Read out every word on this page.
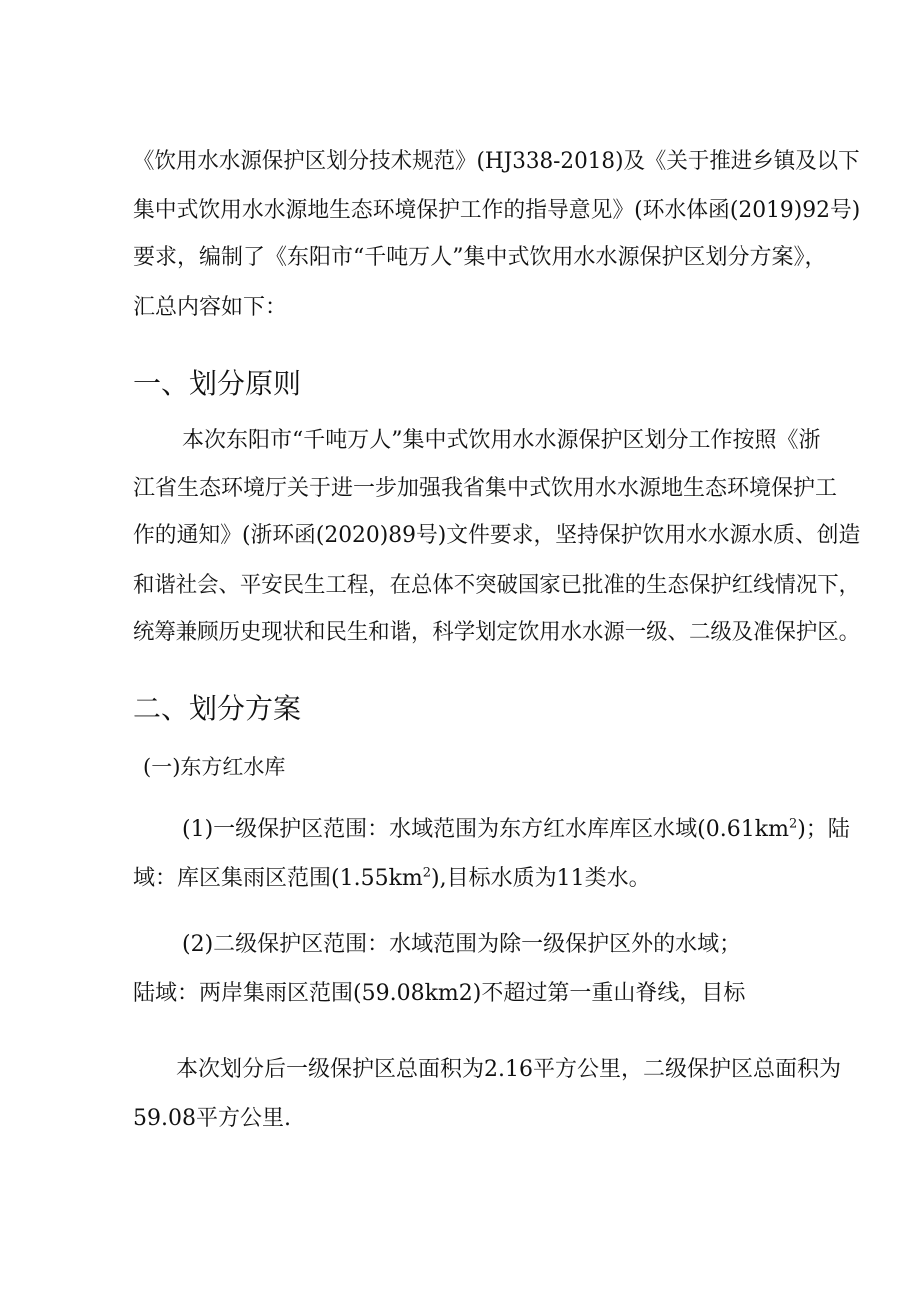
《饮用水水源保护区划分技术规范》(HJ338-2018)及《关于推进乡镇及以下
集中式饮用水水源地生态环境保护工作的指导意见》(环水体函(2019)92号)
要求，编制了《东阳市“千吨万人”集中式饮用水水源保护区划分方案》，
汇总内容如下：
一、划分原则
本次东阳市“千吨万人”集中式饮用水水源保护区划分工作按照《浙
江省生态环境厅关于进一步加强我省集中式饮用水水源地生态环境保护工
作的通知》(浙环函(2020)89号)文件要求，坚持保护饮用水水源水质、创造
和谐社会、平安民生工程，在总体不突破国家已批准的生态保护红线情况下，
统筹兼顾历史现状和民生和谐，科学划定饮用水水源一级、二级及准保护区。
二、划分方案
(一)东方红水库
(1)一级保护区范围：水域范围为东方红水库库区水域$(0.61km^2)$；陆
域：库区集雨区范围$(1.55km^2)$,目标水质为11类水。
(2)二级保护区范围：水域范围为除一级保护区外的水域；
陆域：两岸集雨区范围(59.08km2)不超过第一重山脊线，目标
本次划分后一级保护区总面积为2.16平方公里，二级保护区总面积为
59.08平方公里.
